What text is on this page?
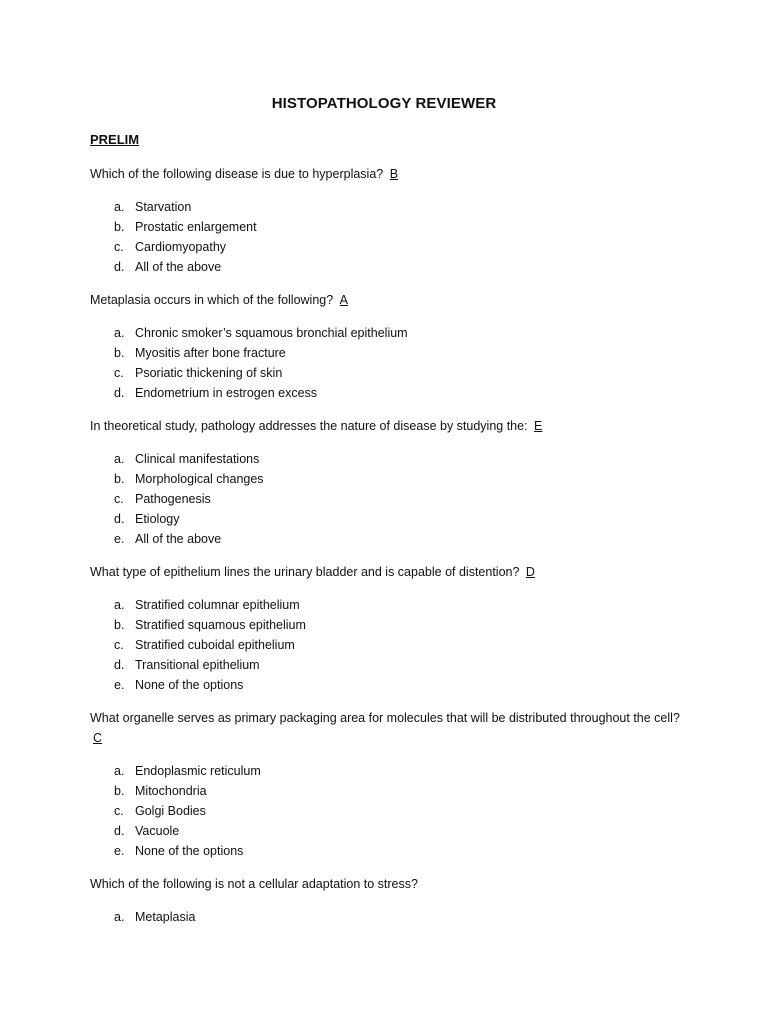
HISTOPATHOLOGY REVIEWER
PRELIM
Which of the following disease is due to hyperplasia? B
a. Starvation
b. Prostatic enlargement
c. Cardiomyopathy
d. All of the above
Metaplasia occurs in which of the following? A
a. Chronic smoker’s squamous bronchial epithelium
b. Myositis after bone fracture
c. Psoriatic thickening of skin
d. Endometrium in estrogen excess
In theoretical study, pathology addresses the nature of disease by studying the: E
a. Clinical manifestations
b. Morphological changes
c. Pathogenesis
d. Etiology
e. All of the above
What type of epithelium lines the urinary bladder and is capable of distention? D
a. Stratified columnar epithelium
b. Stratified squamous epithelium
c. Stratified cuboidal epithelium
d. Transitional epithelium
e. None of the options
What organelle serves as primary packaging area for molecules that will be distributed throughout the cell? C
a. Endoplasmic reticulum
b. Mitochondria
c. Golgi Bodies
d. Vacuole
e. None of the options
Which of the following is not a cellular adaptation to stress?
a. Metaplasia
